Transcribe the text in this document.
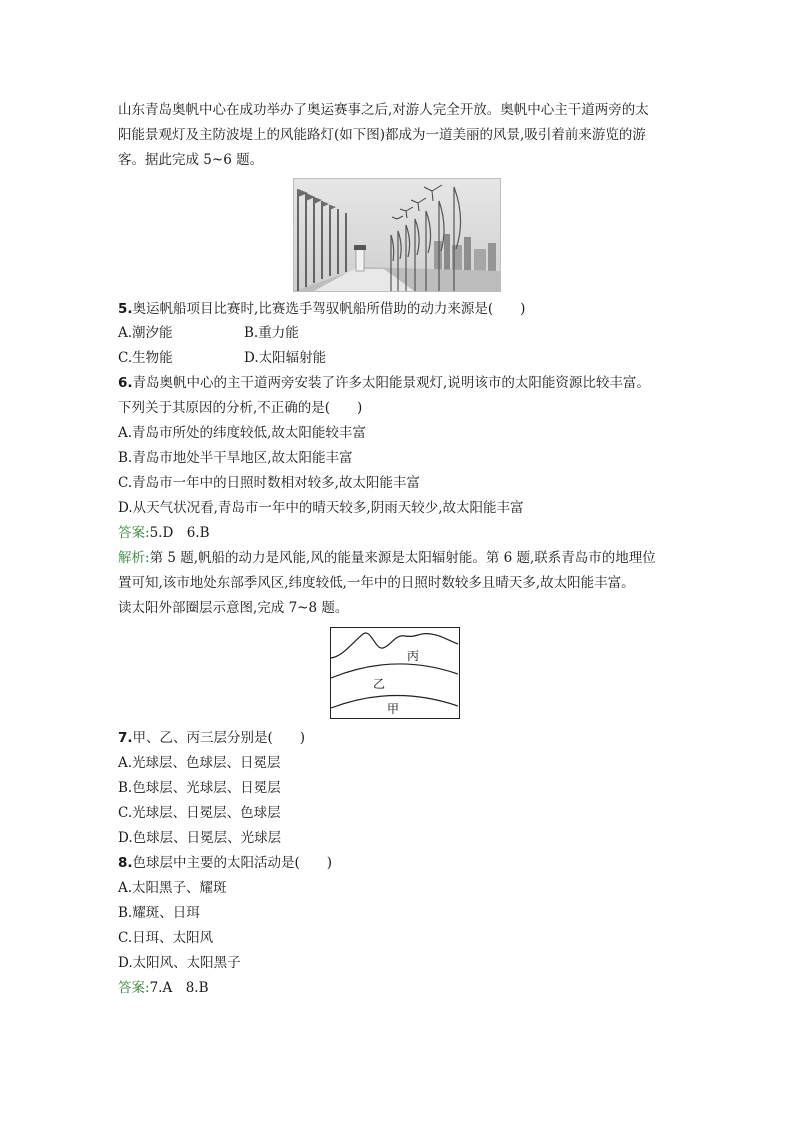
山东青岛奥帆中心在成功举办了奥运赛事之后,对游人完全开放。奥帆中心主干道两旁的太
阳能景观灯及主防波堤上的风能路灯(如下图)都成为一道美丽的风景,吸引着前来游览的游
客。据此完成 5~6 题。
5.奥运帆船项目比赛时,比赛选手驾驭帆船所借助的动力来源是(　　)
A.潮汐能	B.重力能
C.生物能	D.太阳辐射能
6.青岛奥帆中心的主干道两旁安装了许多太阳能景观灯,说明该市的太阳能资源比较丰富。
下列关于其原因的分析,不正确的是(　　)
A.青岛市所处的纬度较低,故太阳能较丰富
B.青岛市地处半干旱地区,故太阳能丰富
C.青岛市一年中的日照时数相对较多,故太阳能丰富
D.从天气状况看,青岛市一年中的晴天较多,阴雨天较少,故太阳能丰富
答案:5.D　6.B
解析:第 5 题,帆船的动力是风能,风的能量来源是太阳辐射能。第 6 题,联系青岛市的地理位
置可知,该市地处东部季风区,纬度较低,一年中的日照时数较多且晴天多,故太阳能丰富。
读太阳外部圈层示意图,完成 7~8 题。
丙
乙
甲
7.甲、乙、丙三层分别是(　　)
A.光球层、色球层、日冕层
B.色球层、光球层、日冕层
C.光球层、日冕层、色球层
D.色球层、日冕层、光球层
8.色球层中主要的太阳活动是(　　)
A.太阳黑子、耀斑
B.耀斑、日珥
C.日珥、太阳风
D.太阳风、太阳黑子
答案:7.A　8.B
